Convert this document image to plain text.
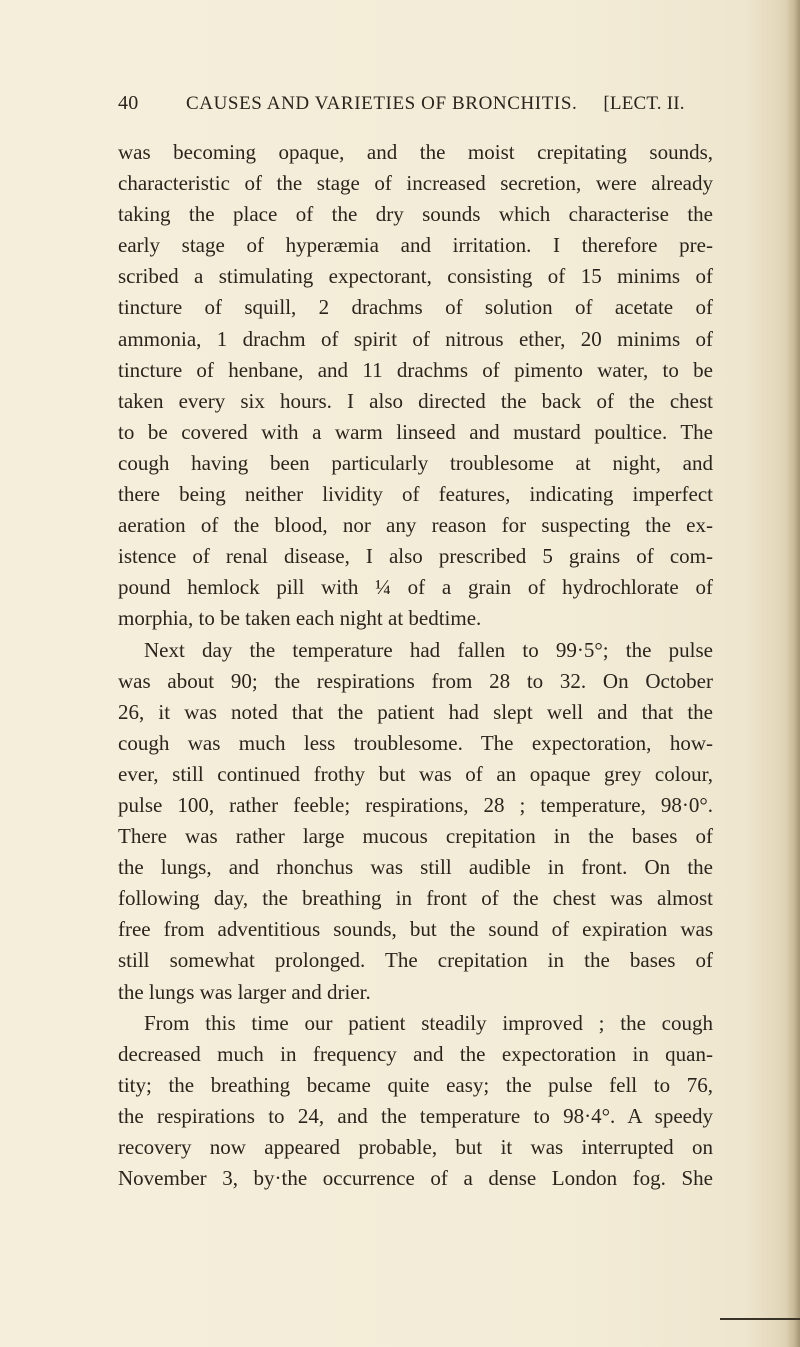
40	CAUSES AND VARIETIES OF BRONCHITIS. [LECT. II.
was becoming opaque, and the moist crepitating sounds,
characteristic of the stage of increased secretion, were already
taking the place of the dry sounds which characterise the
early stage of hyperæmia and irritation. I therefore pre-
scribed a stimulating expectorant, consisting of 15 minims of
tincture of squill, 2 drachms of solution of acetate of
ammonia, 1 drachm of spirit of nitrous ether, 20 minims of
tincture of henbane, and 11 drachms of pimento water, to be
taken every six hours. I also directed the back of the chest
to be covered with a warm linseed and mustard poultice. The
cough having been particularly troublesome at night, and
there being neither lividity of features, indicating imperfect
aeration of the blood, nor any reason for suspecting the ex-
istence of renal disease, I also prescribed 5 grains of com-
pound hemlock pill with ¼ of a grain of hydrochlorate of
morphia, to be taken each night at bedtime.
Next day the temperature had fallen to 99·5°; the pulse
was about 90; the respirations from 28 to 32. On October
26, it was noted that the patient had slept well and that the
cough was much less troublesome. The expectoration, how-
ever, still continued frothy but was of an opaque grey colour,
pulse 100, rather feeble; respirations, 28 ; temperature, 98·0°.
There was rather large mucous crepitation in the bases of
the lungs, and rhonchus was still audible in front. On the
following day, the breathing in front of the chest was almost
free from adventitious sounds, but the sound of expiration was
still somewhat prolonged. The crepitation in the bases of
the lungs was larger and drier.
From this time our patient steadily improved ; the cough
decreased much in frequency and the expectoration in quan-
tity; the breathing became quite easy; the pulse fell to 76,
the respirations to 24, and the temperature to 98·4°. A speedy
recovery now appeared probable, but it was interrupted on
November 3, by·the occurrence of a dense London fog. She
